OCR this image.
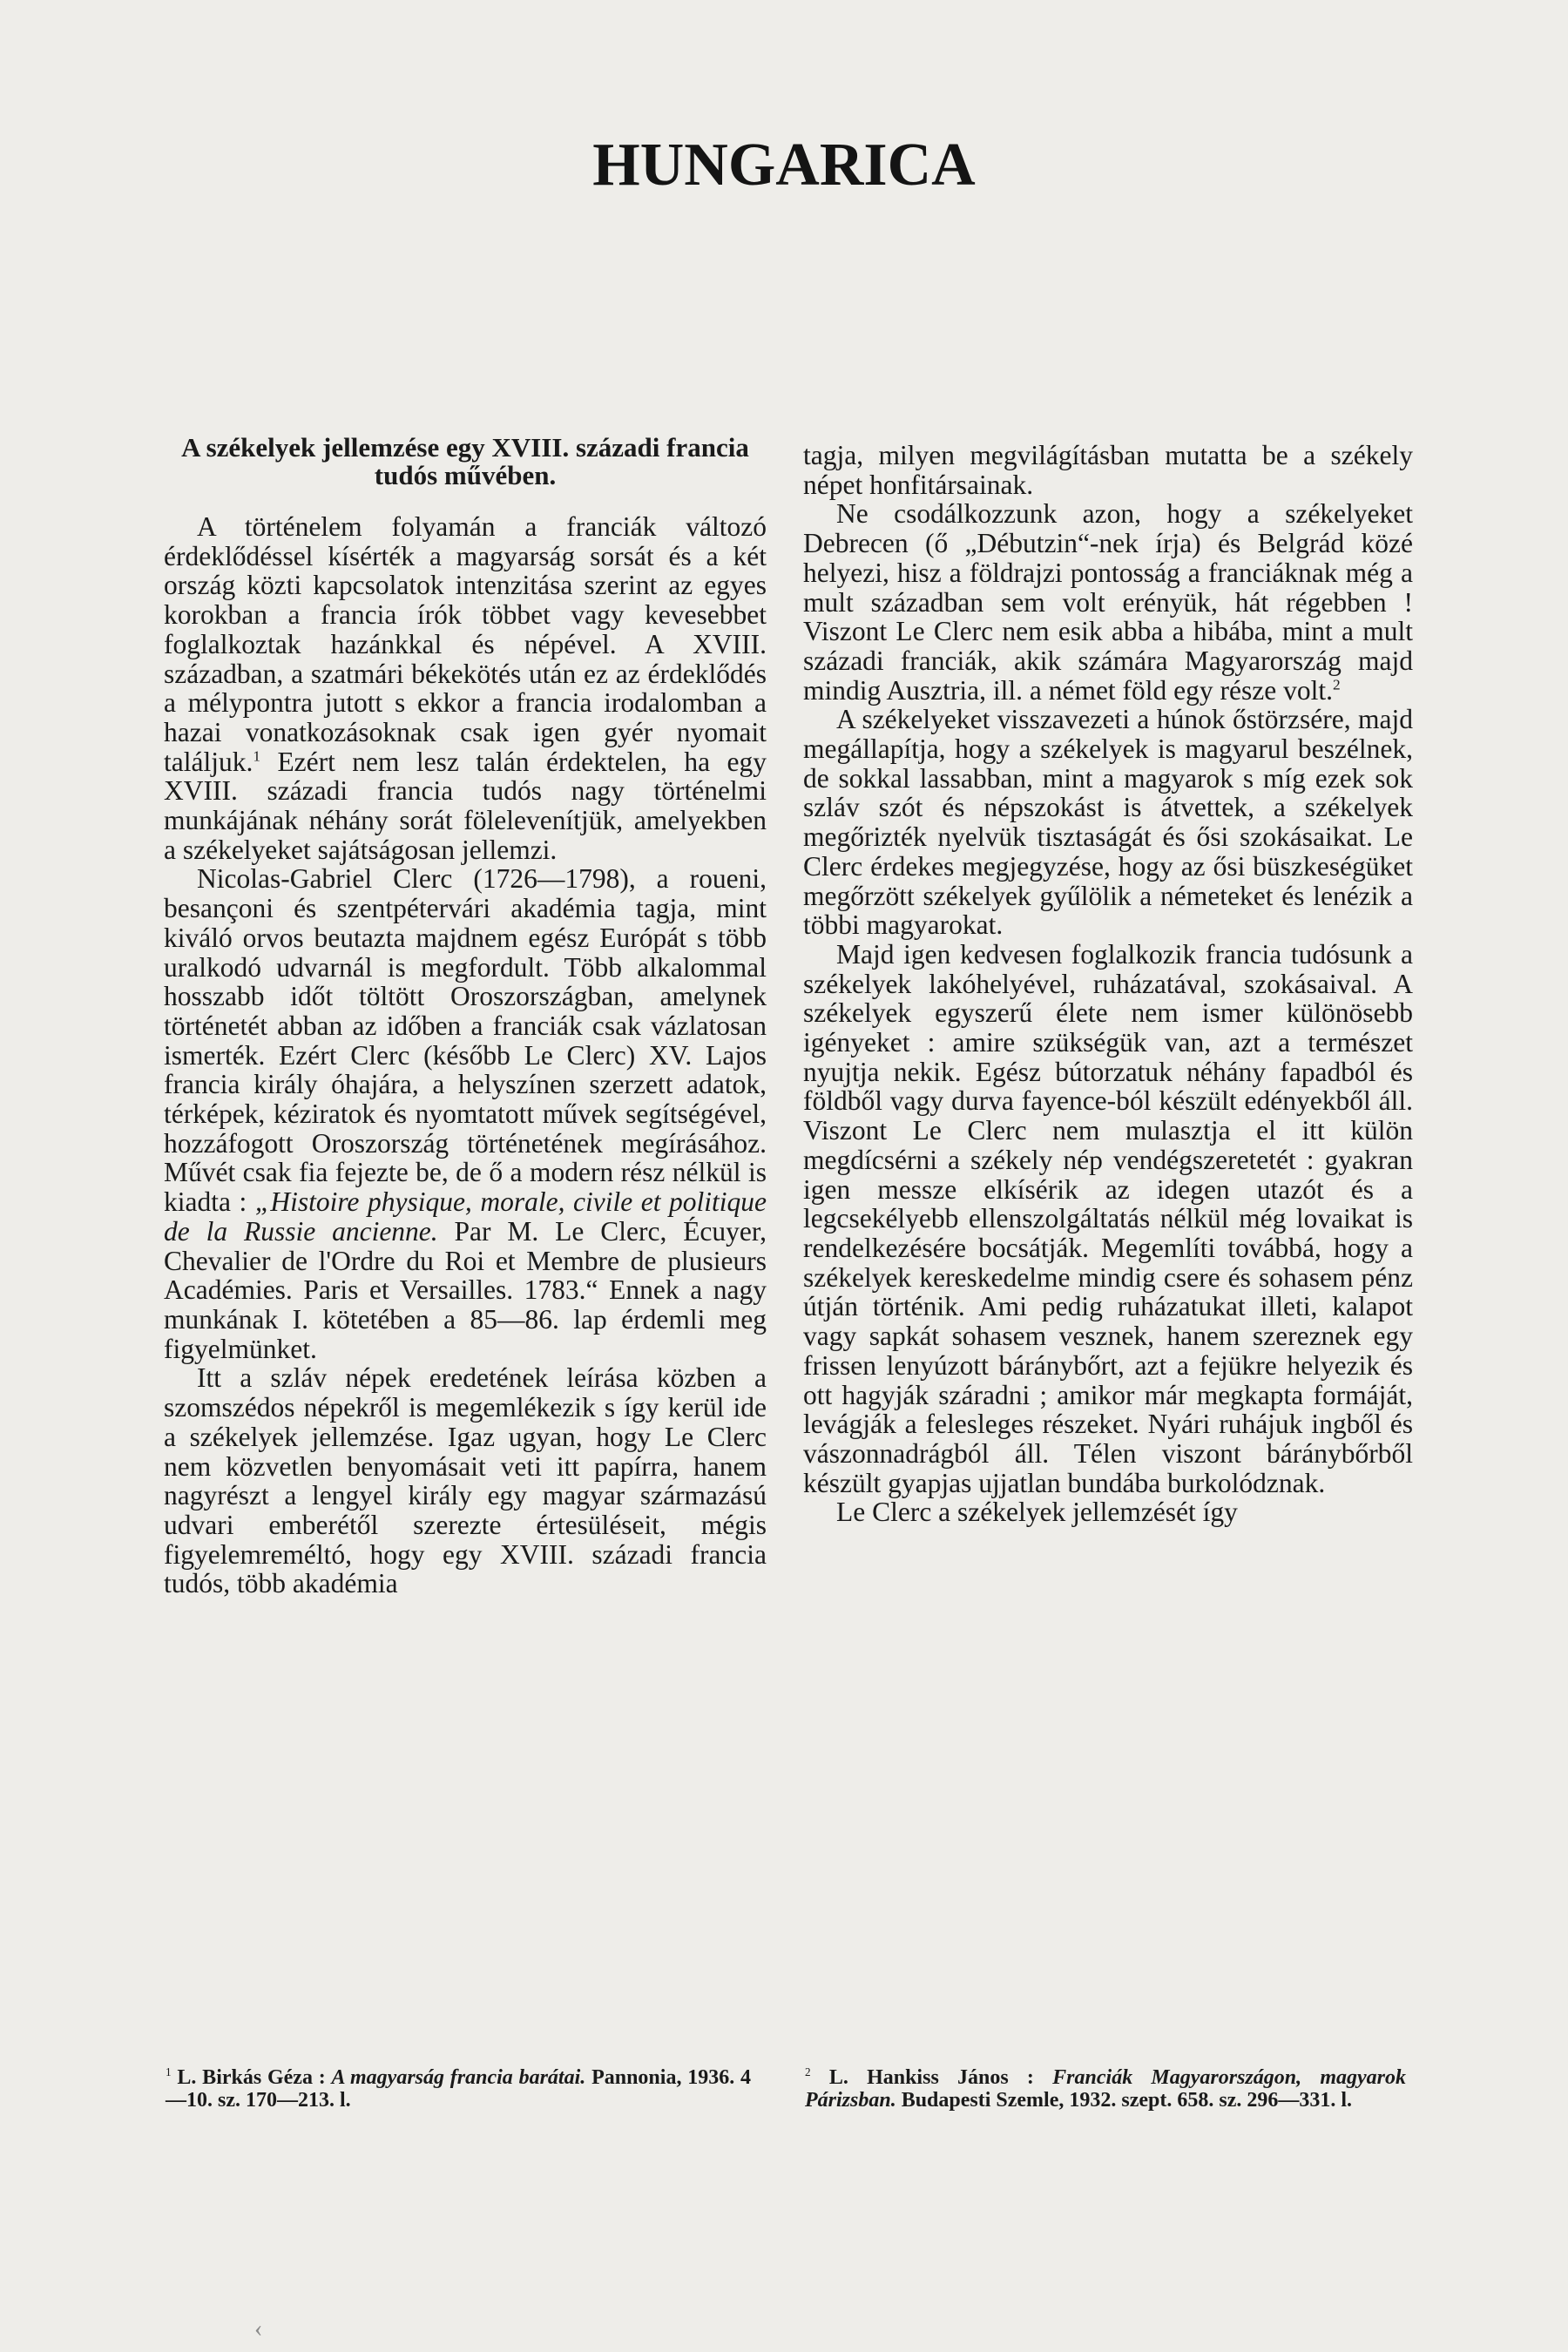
HUNGARICA
A székelyek jellemzése egy XVIII. századi francia tudós művében.

A történelem folyamán a franciák változó érdeklődéssel kísérték a magyarság sorsát és a két ország közti kapcsolatok intenzitása szerint az egyes korokban a francia írók többet vagy kevesebbet foglalkoztak hazánkkal és népével. A XVIII. században, a szatmári békekötés után ez az érdeklődés a mélypontra jutott s ekkor a francia irodalomban a hazai vonatkozásoknak csak igen gyér nyomait találjuk.$^1$ Ezért nem lesz talán érdektelen, ha egy XVIII. századi francia tudós nagy történelmi munkájának néhány sorát fölelevenítjük, amelyekben a székelyeket sajátságosan jellemzi.

Nicolas-Gabriel Clerc (1726—1798), a roueni, besançoni és szentpétervári akadémia tagja, mint kiváló orvos beutazta majdnem egész Európát s több uralkodó udvarnál is megfordult. Több alkalommal hosszabb időt töltött Oroszországban, amelynek történetét abban az időben a franciák csak vázlatosan ismerték. Ezért Clerc (később Le Clerc) XV. Lajos francia király óhajára, a helyszínen szerzett adatok, térképek, kéziratok és nyomtatott művek segítségével, hozzáfogott Oroszország történetének megírásához. Művét csak fia fejezte be, de ő a modern rész nélkül is kiadta : „Histoire physique, morale, civile et politique de la Russie ancienne. Par M. Le Clerc, Écuyer, Chevalier de l'Ordre du Roi et Membre de plusieurs Académies. Paris et Versailles. 1783.“ Ennek a nagy munkának I. kötetében a 85—86. lap érdemli meg figyelmünket.

Itt a szláv népek eredetének leírása közben a szomszédos népekről is megemlékezik s így kerül ide a székelyek jellemzése. Igaz ugyan, hogy Le Clerc nem közvetlen benyomásait veti itt papírra, hanem nagyrészt a lengyel király egy magyar származású udvari emberétől szerezte értesüléseit, mégis figyelemreméltó, hogy egy XVIII. századi francia tudós, több akadémia

tagja, milyen megvilágításban mutatta be a székely népet honfitársainak.

Ne csodálkozzunk azon, hogy a székelyeket Debrecen (ő „Débutzin“-nek írja) és Belgrád közé helyezi, hisz a földrajzi pontosság a franciáknak még a mult században sem volt erényük, hát régebben ! Viszont Le Clerc nem esik abba a hibába, mint a mult századi franciák, akik számára Magyarország majd mindig Ausztria, ill. a német föld egy része volt.$^2$

A székelyeket visszavezeti a húnok őstörzsére, majd megállapítja, hogy a székelyek is magyarul beszélnek, de sokkal lassabban, mint a magyarok s míg ezek sok szláv szót és népszokást is átvettek, a székelyek megőrizték nyelvük tisztaságát és ősi szokásaikat. Le Clerc érdekes megjegyzése, hogy az ősi büszkeségüket megőrzött székelyek gyűlölik a németeket és lenézik a többi magyarokat.

Majd igen kedvesen foglalkozik francia tudósunk a székelyek lakóhelyével, ruházatával, szokásaival. A székelyek egyszerű élete nem ismer különösebb igényeket : amire szükségük van, azt a természet nyujtja nekik. Egész bútorzatuk néhány fapadból és földből vagy durva fayence-ból készült edényekből áll. Viszont Le Clerc nem mulasztja el itt külön megdícsérni a székely nép vendégszeretetét : gyakran igen messze elkísérik az idegen utazót és a legcsekélyebb ellenszolgáltatás nélkül még lovaikat is rendelkezésére bocsátják. Megemlíti továbbá, hogy a székelyek kereskedelme mindig csere és sohasem pénz útján történik. Ami pedig ruházatukat illeti, kalapot vagy sapkát sohasem vesznek, hanem szereznek egy frissen lenyúzott báránybőrt, azt a fejükre helyezik és ott hagyják száradni ; amikor már megkapta formáját, levágják a felesleges részeket. Nyári ruhájuk ingből és vászonnadrágból áll. Télen viszont báránybőrből készült gyapjas ujjatlan bundába burkolódznak.

Le Clerc a székelyek jellemzését így

$^1$ L. Birkás Géza : A magyarság francia barátai. Pannonia, 1936. 4—10. sz. 170—213. l.
$^2$ L. Hankiss János : Franciák Magyarországon, magyarok Párizsban. Budapesti Szemle, 1932. szept. 658. sz. 296—331. l.
‹
